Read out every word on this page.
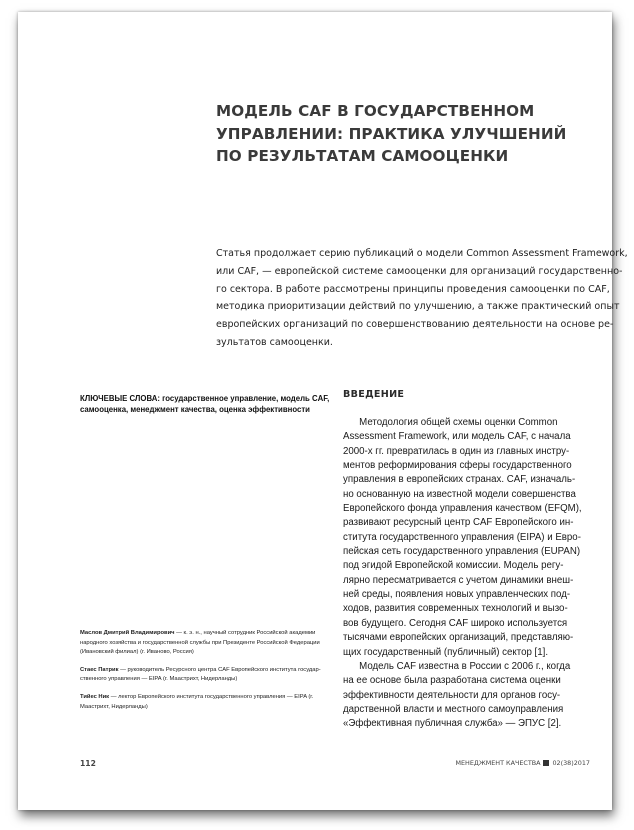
МОДЕЛЬ CAF В ГОСУДАРСТВЕННОМ
УПРАВЛЕНИИ: ПРАКТИКА УЛУЧШЕНИЙ
ПО РЕЗУЛЬТАТАМ САМООЦЕНКИ
Статья продолжает серию публикаций о модели Common Assessment Framework,
или CAF, — европейской системе самооценки для организаций государственно-
го сектора. В работе рассмотрены принципы проведения самооценки по CAF,
методика приоритизации действий по улучшению, а также практический опыт
европейских организаций по совершенствованию деятельности на основе ре-
зультатов самооценки.
КЛЮЧЕВЫЕ СЛОВА: государственное управление, модель CAF,
самооценка, менеджмент качества, оценка эффективности
ВВЕДЕНИЕ
Методология общей схемы оценки Common
Assessment Framework, или модель CAF, с начала
2000-х гг. превратилась в один из главных инстру-
ментов реформирования сферы государственного
управления в европейских странах. CAF, изначаль-
но основанную на известной модели совершенства
Европейского фонда управления качеством (EFQM),
развивают ресурсный центр CAF Европейского ин-
ститута государственного управления (EIPA) и Евро-
пейская сеть государственного управления (EUPAN)
под эгидой Европейской комиссии. Модель регу-
лярно пересматривается с учетом динамики внеш-
ней среды, появления новых управленческих под-
ходов, развития современных технологий и вызо-
вов будущего. Сегодня CAF широко используется
тысячами европейских организаций, представляю-
щих государственный (публичный) сектор [1].
Модель CAF известна в России с 2006 г., когда
на ее основе была разработана система оценки
эффективности деятельности для органов госу-
дарственной власти и местного самоуправления
«Эффективная публичная служба» — ЭПУС [2].
Маслов Дмитрий Владимирович — к. э. н., научный сотрудник Российской академии
народного хозяйства и государственной службы при Президенте Российской Федерации
(Ивановский филиал) (г. Иваново, Россия)
Стаес Патрик — руководитель Ресурсного центра CAF Европейского института государ-
ственного управления — EIPA (г. Маастрихт, Нидерланды)
Тийес Ник — лектор Европейского института государственного управления — EIPA (г.
Маастрихт, Нидерланды)
112	МЕНЕДЖМЕНТ КАЧЕСТВА 02(38)2017
